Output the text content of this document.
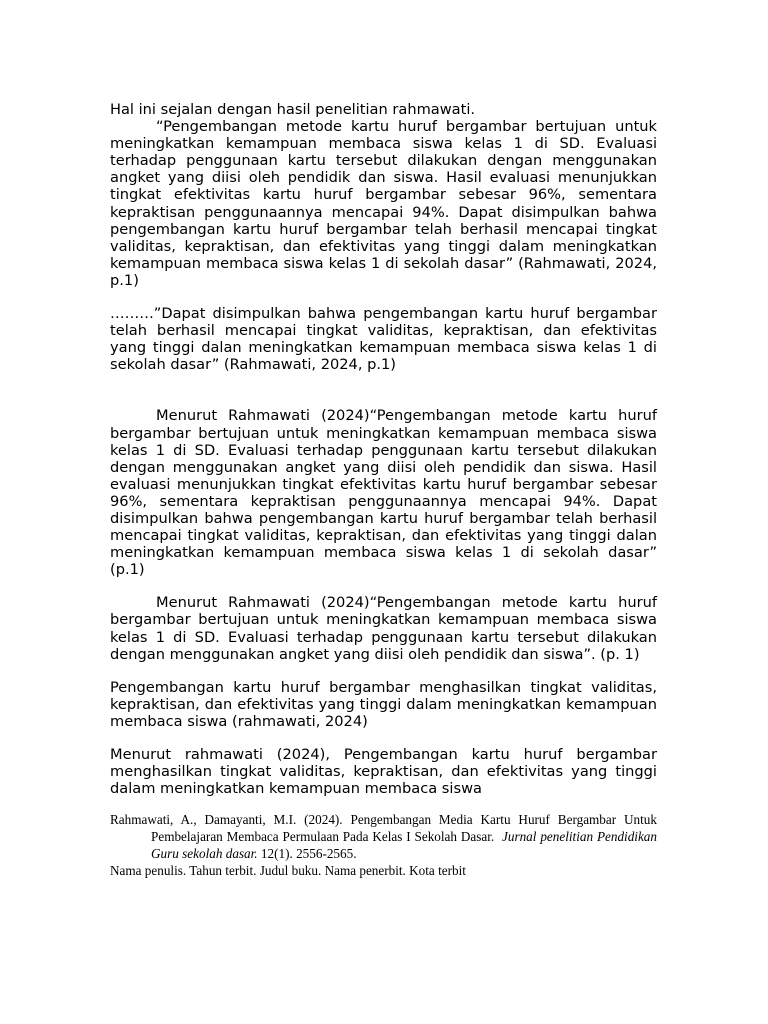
Hal ini sejalan dengan hasil penelitian rahmawati.

“Pengembangan metode kartu huruf bergambar bertujuan untuk meningkatkan kemampuan membaca siswa kelas 1 di SD. Evaluasi terhadap penggunaan kartu tersebut dilakukan dengan menggunakan angket yang diisi oleh pendidik dan siswa. Hasil evaluasi menunjukkan tingkat efektivitas kartu huruf bergambar sebesar 96%, sementara kepraktisan penggunaannya mencapai 94%. Dapat disimpulkan bahwa pengembangan kartu huruf bergambar telah berhasil mencapai tingkat validitas, kepraktisan, dan efektivitas yang tinggi dalam meningkatkan kemampuan membaca siswa kelas 1 di sekolah dasar” (Rahmawati, 2024, p.1)

………”Dapat disimpulkan bahwa pengembangan kartu huruf bergambar telah berhasil mencapai tingkat validitas, kepraktisan, dan efektivitas yang tinggi dalan meningkatkan kemampuan membaca siswa kelas 1 di sekolah dasar” (Rahmawati, 2024, p.1)

Menurut Rahmawati (2024)“Pengembangan metode kartu huruf bergambar bertujuan untuk meningkatkan kemampuan membaca siswa kelas 1 di SD. Evaluasi terhadap penggunaan kartu tersebut dilakukan dengan menggunakan angket yang diisi oleh pendidik dan siswa. Hasil evaluasi menunjukkan tingkat efektivitas kartu huruf bergambar sebesar 96%, sementara kepraktisan penggunaannya mencapai 94%. Dapat disimpulkan bahwa pengembangan kartu huruf bergambar telah berhasil mencapai tingkat validitas, kepraktisan, dan efektivitas yang tinggi dalan meningkatkan kemampuan membaca siswa kelas 1 di sekolah dasar” (p.1)

Menurut Rahmawati (2024)“Pengembangan metode kartu huruf bergambar bertujuan untuk meningkatkan kemampuan membaca siswa kelas 1 di SD. Evaluasi terhadap penggunaan kartu tersebut dilakukan dengan menggunakan angket yang diisi oleh pendidik dan siswa”. (p. 1)

Pengembangan kartu huruf bergambar menghasilkan tingkat validitas, kepraktisan, dan efektivitas yang tinggi dalam meningkatkan kemampuan membaca siswa (rahmawati, 2024)

Menurut rahmawati (2024), Pengembangan kartu huruf bergambar menghasilkan tingkat validitas, kepraktisan, dan efektivitas yang tinggi dalam meningkatkan kemampuan membaca siswa

Rahmawati, A., Damayanti, M.I. (2024). Pengembangan Media Kartu Huruf Bergambar Untuk Pembelajaran Membaca Permulaan Pada Kelas I Sekolah Dasar. Jurnal penelitian Pendidikan Guru sekolah dasar. 12(1). 2556-2565.

Nama penulis. Tahun terbit. Judul buku. Nama penerbit. Kota terbit
